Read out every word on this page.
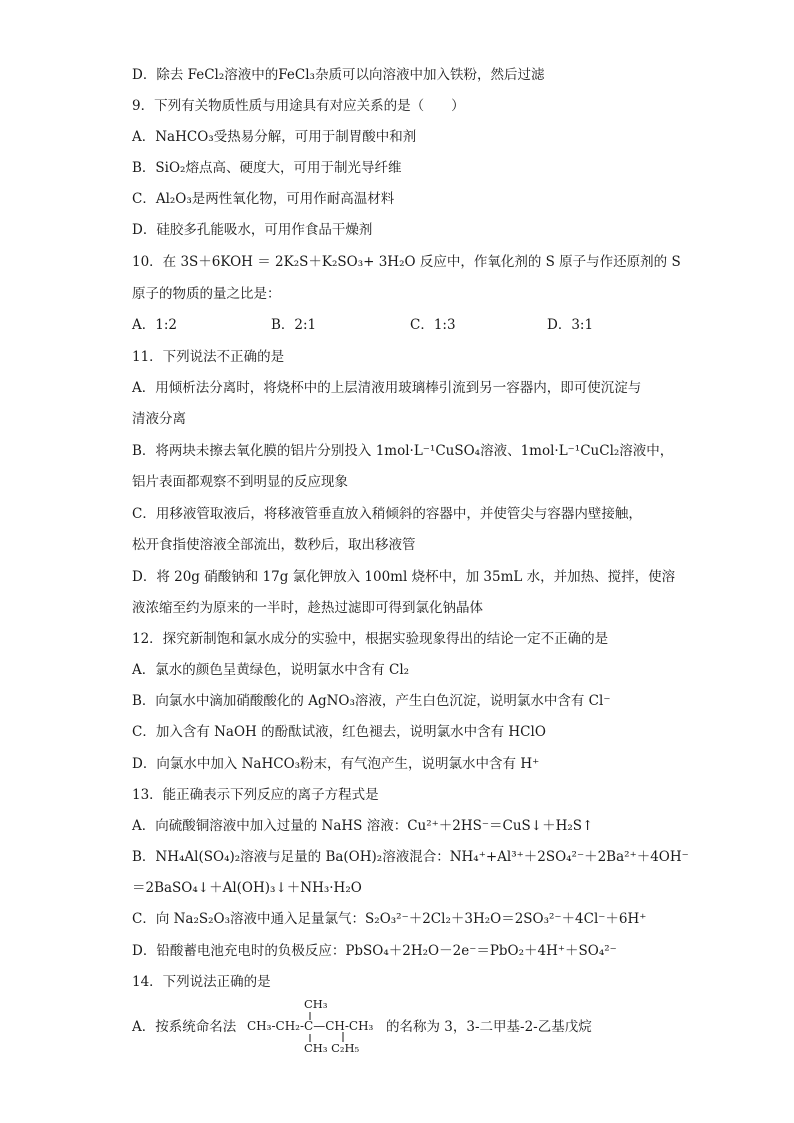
D．除去 FeCl₂溶液中的FeCl₃杂质可以向溶液中加入铁粉，然后过滤
9．下列有关物质性质与用途具有对应关系的是（　　）
A．NaHCO₃受热易分解，可用于制胃酸中和剂
B．SiO₂熔点高、硬度大，可用于制光导纤维
C．Al₂O₃是两性氧化物，可用作耐高温材料
D．硅胶多孔能吸水，可用作食品干燥剂
10．在 3S＋6KOH ＝ 2K₂S＋K₂SO₃+ 3H₂O 反应中，作氧化剂的 S 原子与作还原剂的 S
原子的物质的量之比是：
A．1:2	B．2:1	C．1:3	D．3:1
11．下列说法不正确的是
A．用倾析法分离时，将烧杯中的上层清液用玻璃棒引流到另一容器内，即可使沉淀与
清液分离
B．将两块未擦去氧化膜的铝片分别投入 1mol·L⁻¹CuSO₄溶液、1mol·L⁻¹CuCl₂溶液中，
铝片表面都观察不到明显的反应现象
C．用移液管取液后，将移液管垂直放入稍倾斜的容器中，并使管尖与容器内壁接触，
松开食指使溶液全部流出，数秒后，取出移液管
D．将 20g 硝酸钠和 17g 氯化钾放入 100ml 烧杯中，加 35mL 水，并加热、搅拌，使溶
液浓缩至约为原来的一半时，趁热过滤即可得到氯化钠晶体
12．探究新制饱和氯水成分的实验中，根据实验现象得出的结论一定不正确的是
A．氯水的颜色呈黄绿色，说明氯水中含有 Cl₂
B．向氯水中滴加硝酸酸化的 AgNO₃溶液，产生白色沉淀，说明氯水中含有 Cl⁻
C．加入含有 NaOH 的酚酞试液，红色褪去，说明氯水中含有 HClO
D．向氯水中加入 NaHCO₃粉末，有气泡产生，说明氯水中含有 H⁺
13．能正确表示下列反应的离子方程式是
A．向硫酸铜溶液中加入过量的 NaHS 溶液：Cu²⁺＋2HS⁻＝CuS↓＋H₂S↑
B．NH₄Al(SO₄)₂溶液与足量的 Ba(OH)₂溶液混合：NH₄⁺+Al³⁺＋2SO₄²⁻＋2Ba²⁺＋4OH⁻
＝2BaSO₄↓＋Al(OH)₃↓＋NH₃·H₂O
C．向 Na₂S₂O₃溶液中通入足量氯气：S₂O₃²⁻＋2Cl₂＋3H₂O＝2SO₃²⁻＋4Cl⁻＋6H⁺
D．铅酸蓄电池充电时的负极反应：PbSO₄＋2H₂O－2e⁻＝PbO₂＋4H⁺＋SO₄²⁻
14．下列说法正确的是
A．按系统命名法
CH₃
CH₃-CH₂-C—CH-CH₃
CH₃ C₂H₅
的名称为 3，3-二甲基-2-乙基戊烷
